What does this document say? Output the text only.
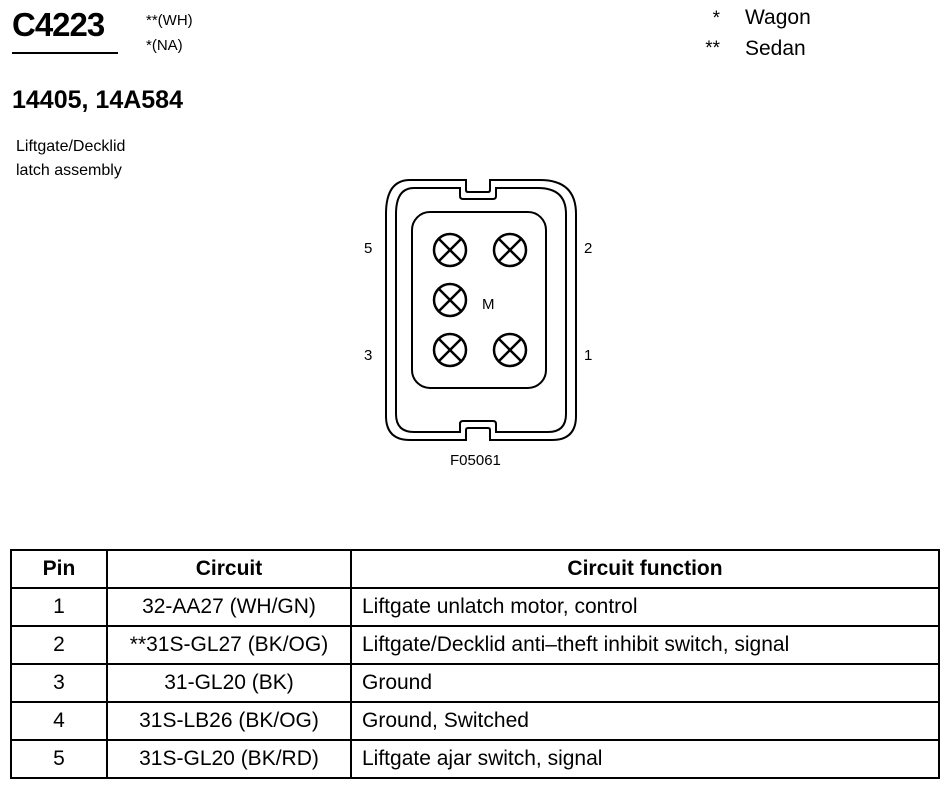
C4223	**(WH)
*(NA)
* Wagon
** Sedan
14405, 14A584
Liftgate/Decklid
latch assembly
M
5	2
3	1
F05061
Pin	Circuit	Circuit function
1	32-AA27 (WH/GN)	Liftgate unlatch motor, control
2	**31S-GL27 (BK/OG)	Liftgate/Decklid anti–theft inhibit switch, signal
3	31-GL20 (BK)	Ground
4	31S-LB26 (BK/OG)	Ground, Switched
5	31S-GL20 (BK/RD)	Liftgate ajar switch, signal
